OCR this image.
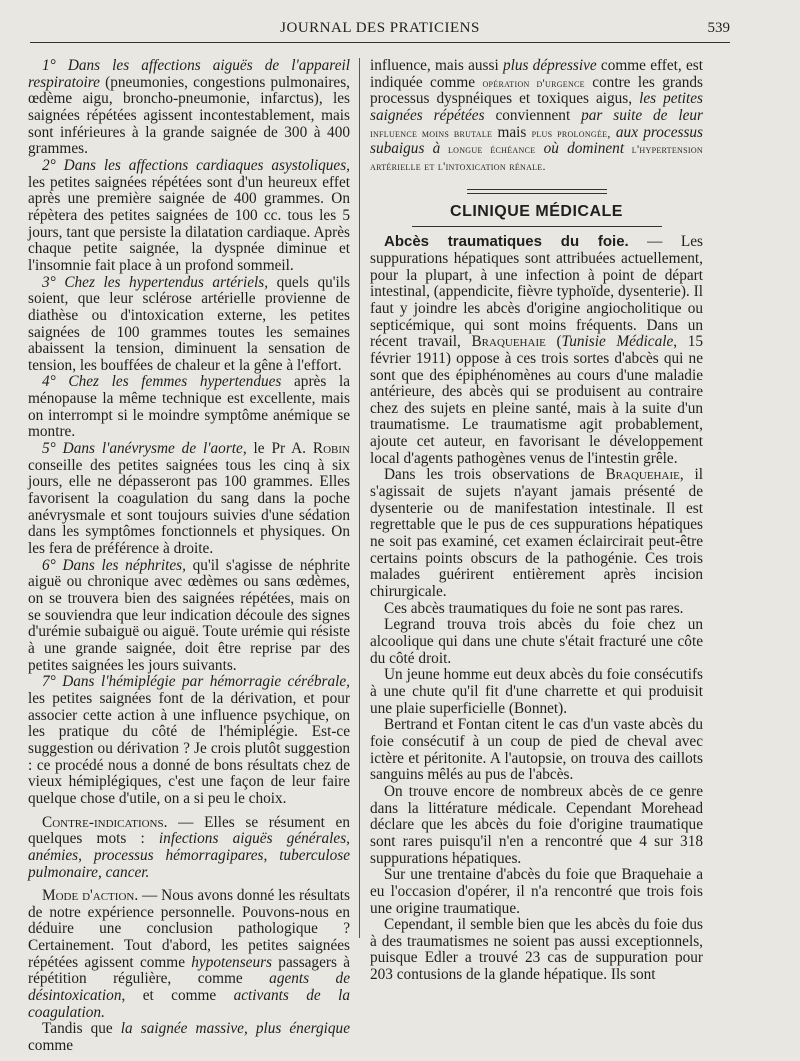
JOURNAL DES PRATICIENS	539

1° Dans les affections aiguës de l'appareil respiratoire (pneumonies, congestions pulmonaires, œdème aigu, broncho-pneumonie, infarctus), les saignées répétées agissent incontestablement, mais sont inférieures à la grande saignée de 300 à 400 grammes.

2° Dans les affections cardiaques asystoliques, les petites saignées répétées sont d'un heureux effet après une première saignée de 400 grammes. On répètera des petites saignées de 100 cc. tous les 5 jours, tant que persiste la dilatation cardiaque. Après chaque petite saignée, la dyspnée diminue et l'insomnie fait place à un profond sommeil.

3° Chez les hypertendus artériels, quels qu'ils soient, que leur sclérose artérielle provienne de diathèse ou d'intoxication externe, les petites saignées de 100 grammes toutes les semaines abaissent la tension, diminuent la sensation de tension, les bouffées de chaleur et la gêne à l'effort.

4° Chez les femmes hypertendues après la ménopause la même technique est excellente, mais on interrompt si le moindre symptôme anémique se montre.

5° Dans l'anévrysme de l'aorte, le Pr A. Robin conseille des petites saignées tous les cinq à six jours, elle ne dépasseront pas 100 grammes. Elles favorisent la coagulation du sang dans la poche anévrysmale et sont toujours suivies d'une sédation dans les symptômes fonctionnels et physiques. On les fera de préférence à droite.

6° Dans les néphrites, qu'il s'agisse de néphrite aiguë ou chronique avec œdèmes ou sans œdèmes, on se trouvera bien des saignées répétées, mais on se souviendra que leur indication découle des signes d'urémie subaiguë ou aiguë. Toute urémie qui résiste à une grande saignée, doit être reprise par des petites saignées les jours suivants.

7° Dans l'hémiplégie par hémorragie cérébrale, les petites saignées font de la dérivation, et pour associer cette action à une influence psychique, on les pratique du côté de l'hémiplégie. Est-ce suggestion ou dérivation ? Je crois plutôt suggestion : ce procédé nous a donné de bons résultats chez de vieux hémiplégiques, c'est une façon de leur faire quelque chose d'utile, on a si peu le choix.

Contre-indications. — Elles se résument en quelques mots : infections aiguës générales, anémies, processus hémorragipares, tuberculose pulmonaire, cancer.

Mode d'action. — Nous avons donné les résultats de notre expérience personnelle. Pouvons-nous en déduire une conclusion pathologique ? Certainement. Tout d'abord, les petites saignées répétées agissent comme hypotenseurs passagers à répétition régulière, comme agents de désintoxication, et comme activants de la coagulation.

Tandis que la saignée massive, plus énergique comme

influence, mais aussi plus dépressive comme effet, est indiquée comme opération d'urgence contre les grands processus dyspnéiques et toxiques aigus, les petites saignées répétées conviennent par suite de leur influence moins brutale mais plus prolongée, aux processus subaigus à longue échéance où dominent l'hypertension artérielle et l'intoxication rénale.

CLINIQUE MÉDICALE

Abcès traumatiques du foie. — Les suppurations hépatiques sont attribuées actuellement, pour la plupart, à une infection à point de départ intestinal, (appendicite, fièvre typhoïde, dysenterie). Il faut y joindre les abcès d'origine angiocholitique ou septicémique, qui sont moins fréquents. Dans un récent travail, Braquehaie (Tunisie Médicale, 15 février 1911) oppose à ces trois sortes d'abcès qui ne sont que des épiphénomènes au cours d'une maladie antérieure, des abcès qui se produisent au contraire chez des sujets en pleine santé, mais à la suite d'un traumatisme. Le traumatisme agit probablement, ajoute cet auteur, en favorisant le développement local d'agents pathogènes venus de l'intestin grêle.

Dans les trois observations de Braquehaie, il s'agissait de sujets n'ayant jamais présenté de dysenterie ou de manifestation intestinale. Il est regrettable que le pus de ces suppurations hépatiques ne soit pas examiné, cet examen éclaircirait peut-être certains points obscurs de la pathogénie. Ces trois malades guérirent entièrement après incision chirurgicale.

Ces abcès traumatiques du foie ne sont pas rares.

Legrand trouva trois abcès du foie chez un alcoolique qui dans une chute s'était fracturé une côte du côté droit.

Un jeune homme eut deux abcès du foie consécutifs à une chute qu'il fit d'une charrette et qui produisit une plaie superficielle (Bonnet).

Bertrand et Fontan citent le cas d'un vaste abcès du foie consécutif à un coup de pied de cheval avec ictère et péritonite. A l'autopsie, on trouva des caillots sanguins mêlés au pus de l'abcès.

On trouve encore de nombreux abcès de ce genre dans la littérature médicale. Cependant Morehead déclare que les abcès du foie d'origine traumatique sont rares puisqu'il n'en a rencontré que 4 sur 318 suppurations hépatiques.

Sur une trentaine d'abcès du foie que Braquehaie a eu l'occasion d'opérer, il n'a rencontré que trois fois une origine traumatique.

Cependant, il semble bien que les abcès du foie dus à des traumatismes ne soient pas aussi exceptionnels, puisque Edler a trouvé 23 cas de suppuration pour 203 contusions de la glande hépatique. Ils sont
